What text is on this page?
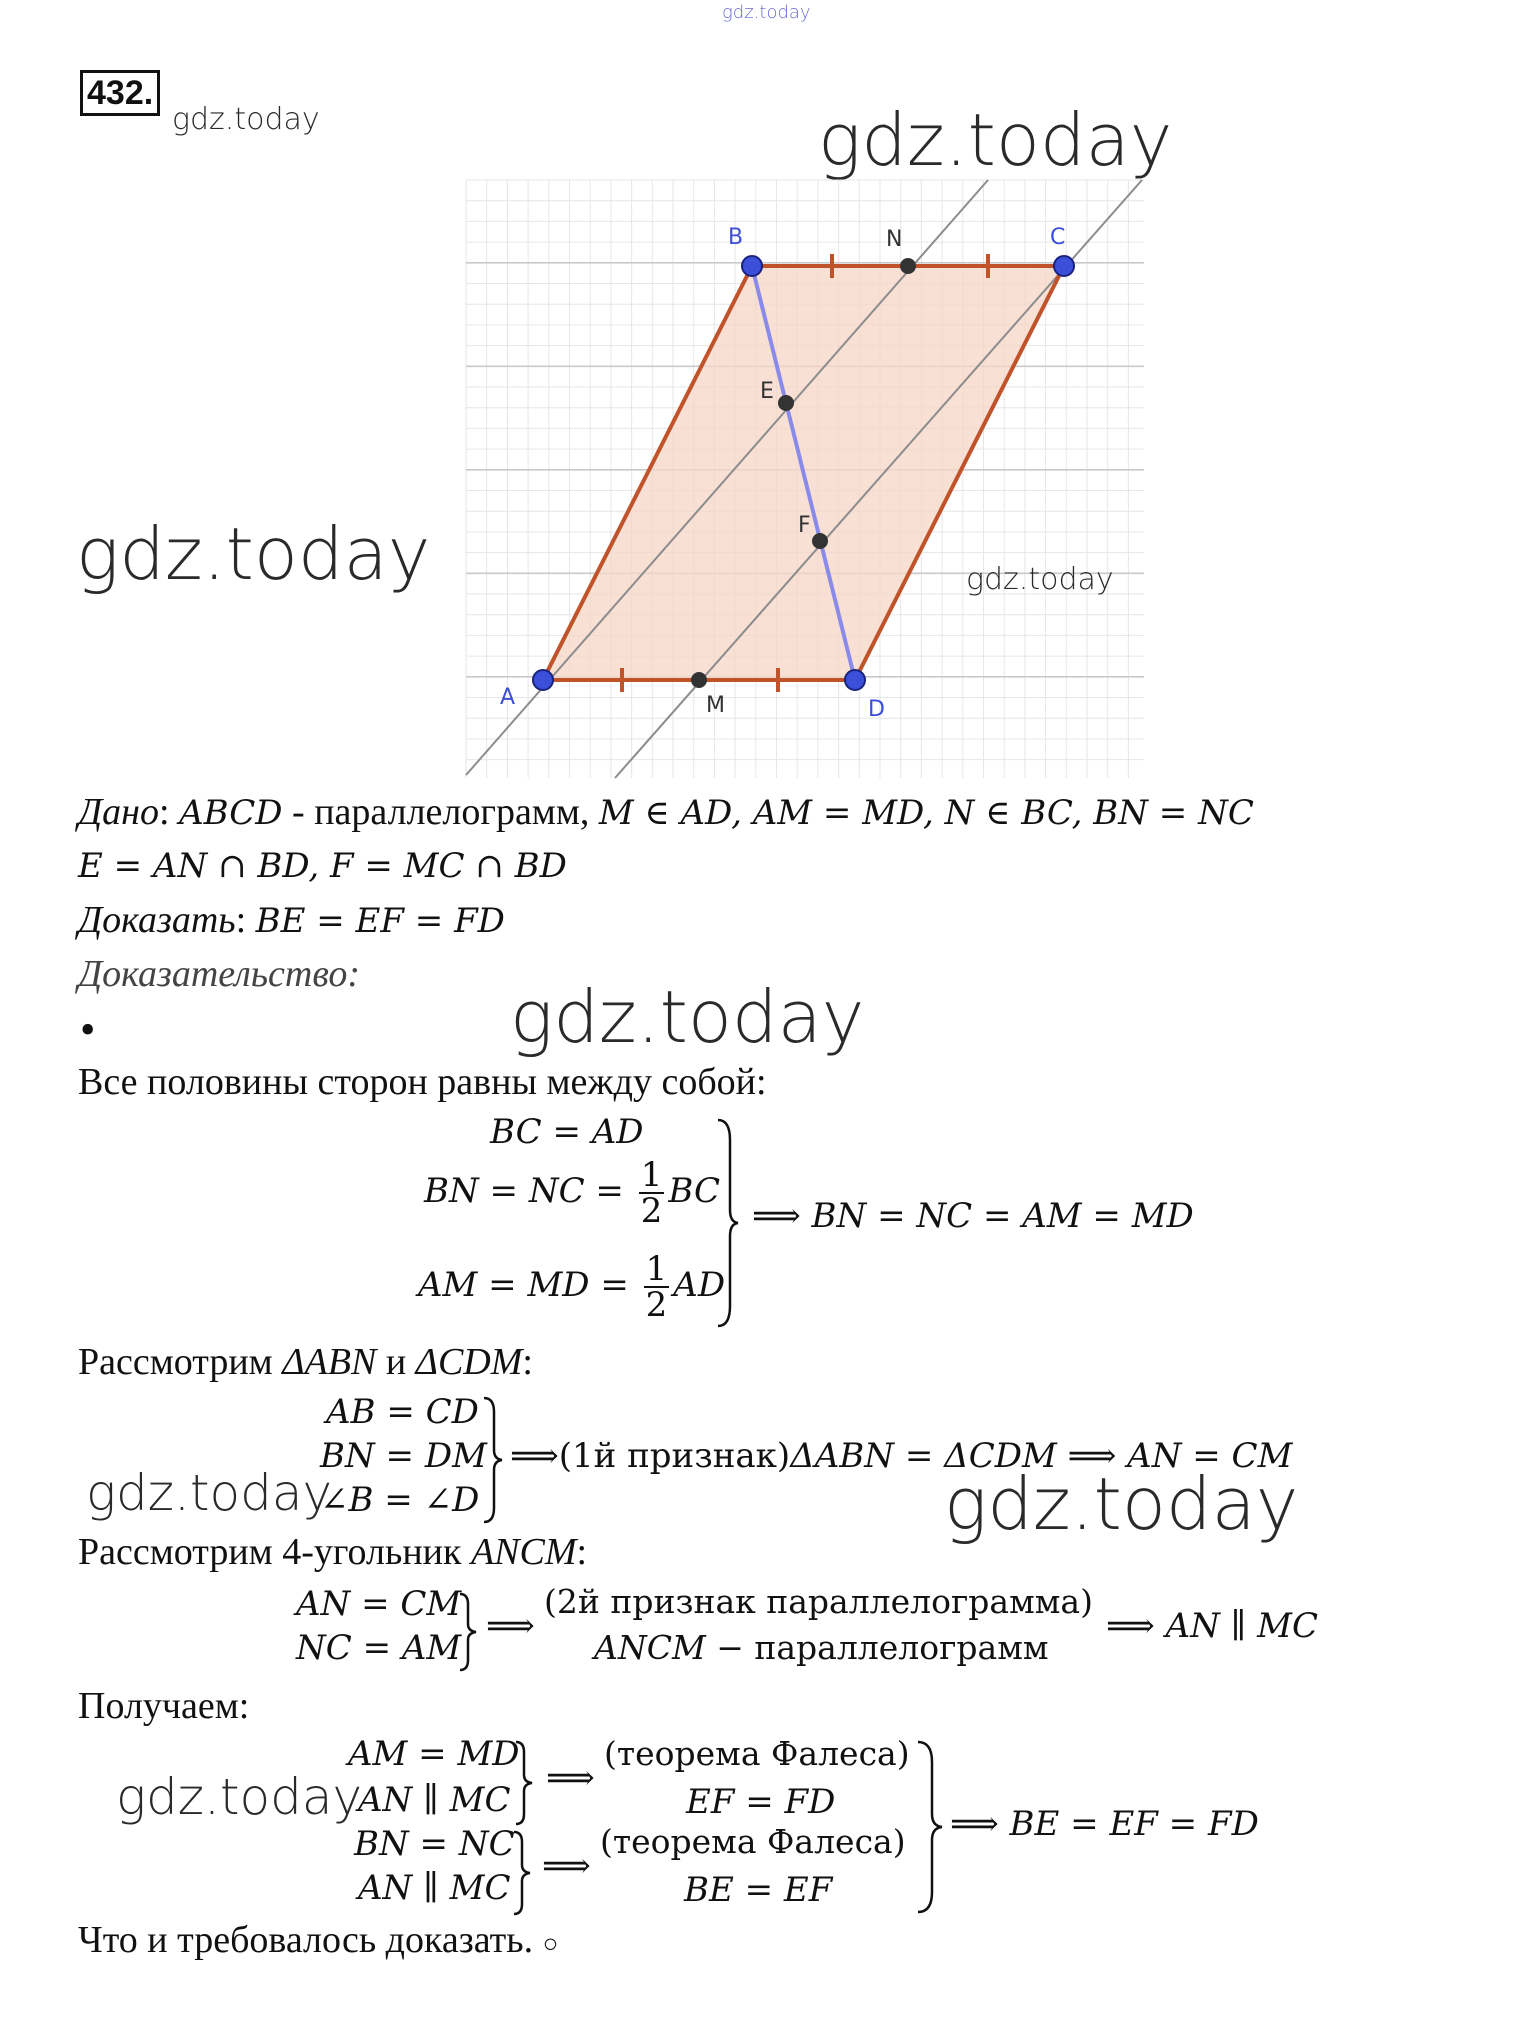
gdz.today
gdz.today	gdz.today
gdz.today
gdz.today
gdz.today	gdz.today
gdz.today
432.
A
B	C
D
N
M
E
F
gdz.today
Дано: ABCD - параллелограмм, M ∈ AD, AM = MD, N ∈ BC, BN = NC
E = AN ∩ BD, F = MC ∩ BD
Доказать: BE = EF = FD
Доказательство:
•
Все половины сторон равны между собой:
BC = AD
BN = NC = $\frac{1}{2}$ BC
AM = MD = $\frac{1}{2}$ AD
⟹ BN = NC = AM = MD
Рассмотрим ΔABN и ΔCDM:
AB = CD
BN = DM
∠B = ∠D
⟹(1й признак)ΔABN = ΔCDM ⟹ AN = CM
Рассмотрим 4-угольник ANCM:
AN = CM
NC = AM
⟹
(2й признак параллелограмма)
ANCM − параллелограмм
⟹ AN ∥ MC
Получаем:
AM = MD
AN ∥ MC
⟹
(теорема Фалеса)
EF = FD
BN = NC
AN ∥ MC
⟹
(теорема Фалеса)
BE = EF
⟹ BE = EF = FD
Что и требовалось доказать. ○
